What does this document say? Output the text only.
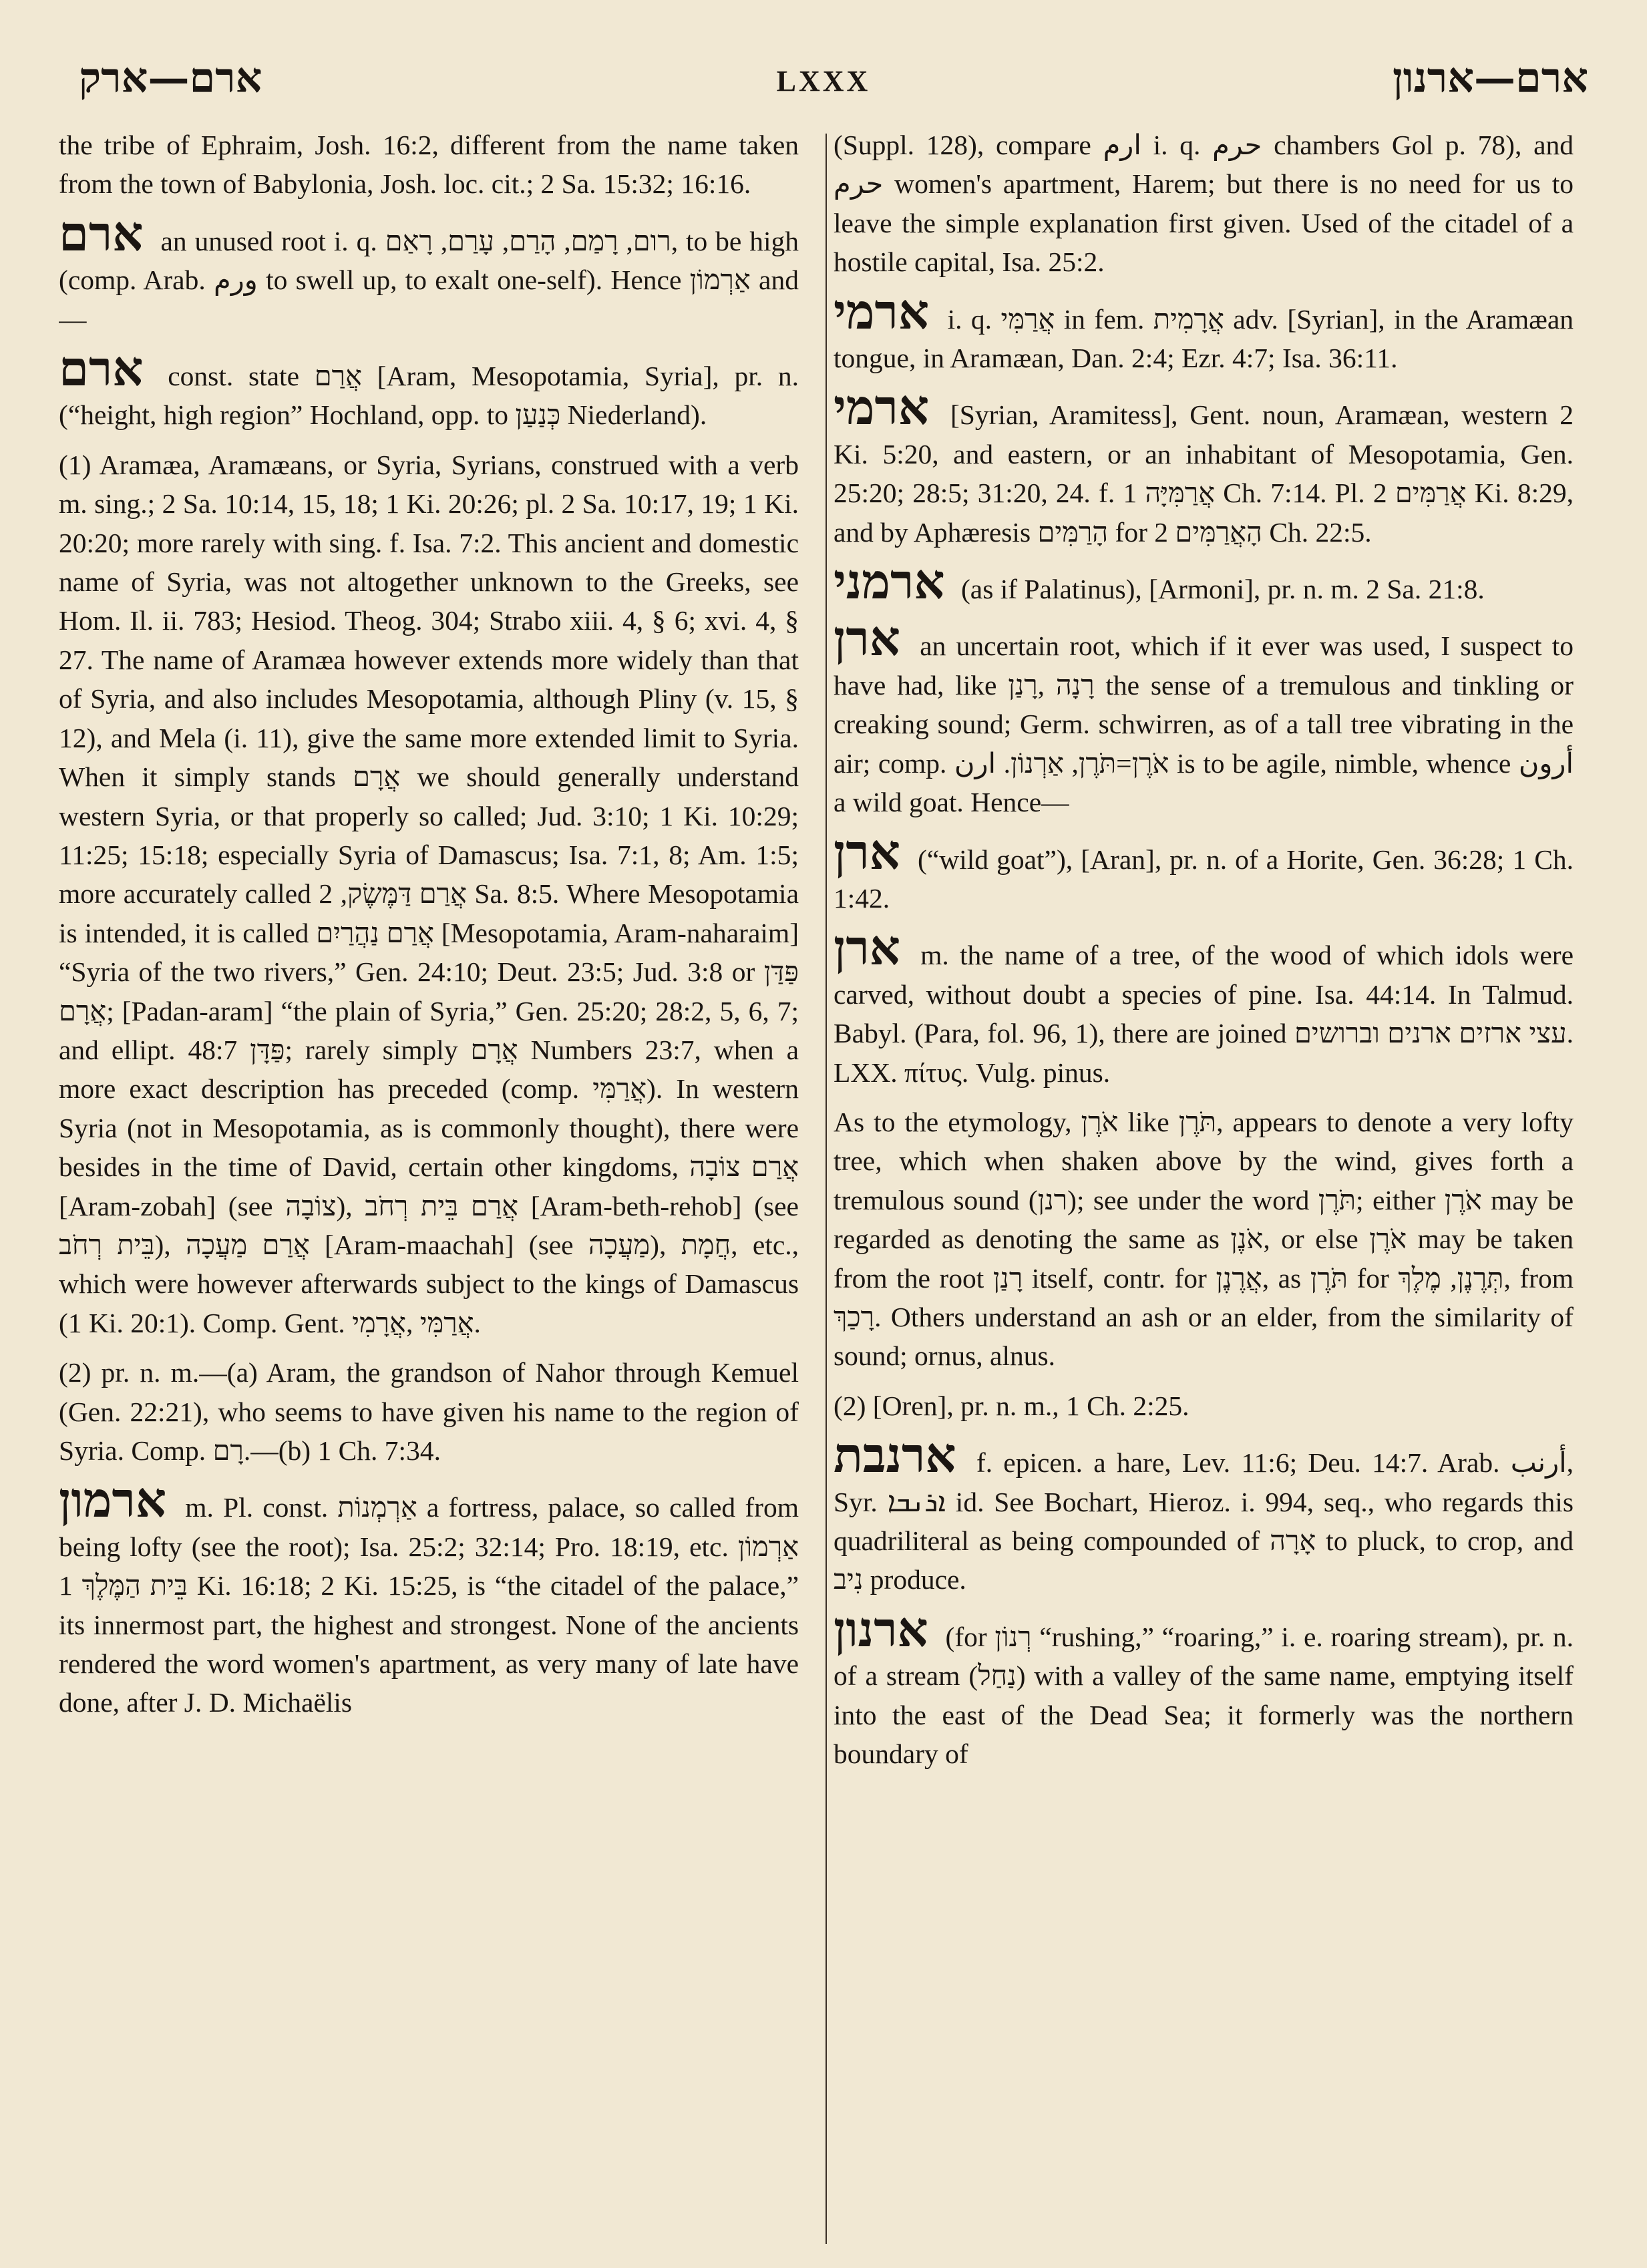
ארם—ארק	LXXX	ארם—ארנון

the tribe of Ephraim, Josh. 16:2, different from the name taken from the town of Babylonia, Josh. loc. cit.; 2 Sa. 15:32; 16:16.

ארם an unused root i. q. רום, רָמַם, הָרַם, עָרַם, רָאַם, to be high (comp. Arab. ورم to swell up, to exalt one-self). Hence אַרְמוֹן and—

ארם const. state אֲרַם [Aram, Mesopotamia, Syria], pr. n. (“height, high region” Hochland, opp. to כְּנַעַן Niederland).

(1) Aramæa, Aramæans, or Syria, Syrians, construed with a verb m. sing.; 2 Sa. 10:14, 15, 18; 1 Ki. 20:26; pl. 2 Sa. 10:17, 19; 1 Ki. 20:20; more rarely with sing. f. Isa. 7:2. This ancient and domestic name of Syria, was not altogether unknown to the Greeks, see Hom. Il. ii. 783; Hesiod. Theog. 304; Strabo xiii. 4, § 6; xvi. 4, § 27. The name of Aramæa however extends more widely than that of Syria, and also includes Mesopotamia, although Pliny (v. 15, § 12), and Mela (i. 11), give the same more extended limit to Syria. When it simply stands אֲרָם we should generally understand western Syria, or that properly so called; Jud. 3:10; 1 Ki. 10:29; 11:25; 15:18; especially Syria of Damascus; Isa. 7:1, 8; Am. 1:5; more accurately called אֲרַם דַּמֶּשֶׂק, 2 Sa. 8:5. Where Mesopotamia is intended, it is called אֲרַם נַהֲרַיִם [Mesopotamia, Aram-naharaim] “Syria of the two rivers,” Gen. 24:10; Deut. 23:5; Jud. 3:8 or פַּדַּן אֲרָם; [Padan-aram] “the plain of Syria,” Gen. 25:20; 28:2, 5, 6, 7; and ellipt. פַּדָּן 48:7; rarely simply אֲרָם Numbers 23:7, when a more exact description has preceded (comp. אֲרַמִּי). In western Syria (not in Mesopotamia, as is commonly thought), there were besides in the time of David, certain other kingdoms, אֲרַם צוֹבָה [Aram-zobah] (see צוֹבָה), אֲרַם בֵּית רְחֹב [Aram-beth-rehob] (see בֵּית רְחֹב), אֲרַם מַעֲכָה [Aram-maachah] (see מַעֲכָה), חֲמָת, etc., which were however afterwards subject to the kings of Damascus (1 Ki. 20:1). Comp. Gent. אֲרַמִּי ,אֲרָמִי.

(2) pr. n. m.—(a) Aram, the grandson of Nahor through Kemuel (Gen. 22:21), who seems to have given his name to the region of Syria. Comp. רָם.—(b) 1 Ch. 7:34.

ארמון m. Pl. const. אַרְמְנוֹת a fortress, palace, so called from being lofty (see the root); Isa. 25:2; 32:14; Pro. 18:19, etc. אַרְמוֹן בֵּית הַמֶּלֶךְ 1 Ki. 16:18; 2 Ki. 15:25, is “the citadel of the palace,” its innermost part, the highest and strongest. None of the ancients rendered the word women's apartment, as very many of late have done, after J. D. Michaëlis

(Suppl. 128), compare ارم i. q. حرم chambers Gol p. 78), and حرم women's apartment, Harem; but there is no need for us to leave the simple explanation first given. Used of the citadel of a hostile capital, Isa. 25:2.

ארמי i. q. אֲרַמִּי in fem. אֲרָמִית adv. [Syrian], in the Aramæan tongue, in Aramæan, Dan. 2:4; Ezr. 4:7; Isa. 36:11.

ארמי [Syrian, Aramitess], Gent. noun, Aramæan, western 2 Ki. 5:20, and eastern, or an inhabitant of Mesopotamia, Gen. 25:20; 28:5; 31:20, 24. f. אֲרַמִּיָּה 1 Ch. 7:14. Pl. אֲרַמִּים 2 Ki. 8:29, and by Aphæresis הָרַמִּים for הָאֲרַמִּים 2 Ch. 22:5.

ארמני (as if Palatinus), [Armoni], pr. n. m. 2 Sa. 21:8.

ארן an uncertain root, which if it ever was used, I suspect to have had, like רָנָה ,רָנַן the sense of a tremulous and tinkling or creaking sound; Germ. schwirren, as of a tall tree vibrating in the air; comp. אֹרֶן=תֹּרֶן, אַרְנוֹן. ارن is to be agile, nimble, whence أرون a wild goat. Hence—

ארן (“wild goat”), [Aran], pr. n. of a Horite, Gen. 36:28; 1 Ch. 1:42.

ארן m. the name of a tree, of the wood of which idols were carved, without doubt a species of pine. Isa. 44:14. In Talmud. Babyl. (Para, fol. 96, 1), there are joined עצי ארזים ארנים וברושים. LXX. πίτυς. Vulg. pinus.

As to the etymology, אֹרֶן like תֹּרֶן, appears to denote a very lofty tree, which when shaken above by the wind, gives forth a tremulous sound (רנן); see under the word תֹּרֶן; either אֹרֶן may be regarded as denoting the same as אֹנֶן, or else אֹרֶן may be taken from the root רָנַן itself, contr. for אֲרֶנֶן, as תֹּרֶן for תְּרֶנֶן, מֶלֶךְ, from רָכַךְ. Others understand an ash or an elder, from the similarity of sound; ornus, alnus.

(2) [Oren], pr. n. m., 1 Ch. 2:25.

ארנבת f. epicen. a hare, Lev. 11:6; Deu. 14:7. Arab. أرنب, Syr. ܐܪܢܒܐ id. See Bochart, Hieroz. i. 994, seq., who regards this quadriliteral as being compounded of אָרָה to pluck, to crop, and נִיב produce.

ארנון (for רְנוֹן “rushing,” “roaring,” i. e. roaring stream), pr. n. of a stream (נַחַל) with a valley of the same name, emptying itself into the east of the Dead Sea; it formerly was the northern boundary of
